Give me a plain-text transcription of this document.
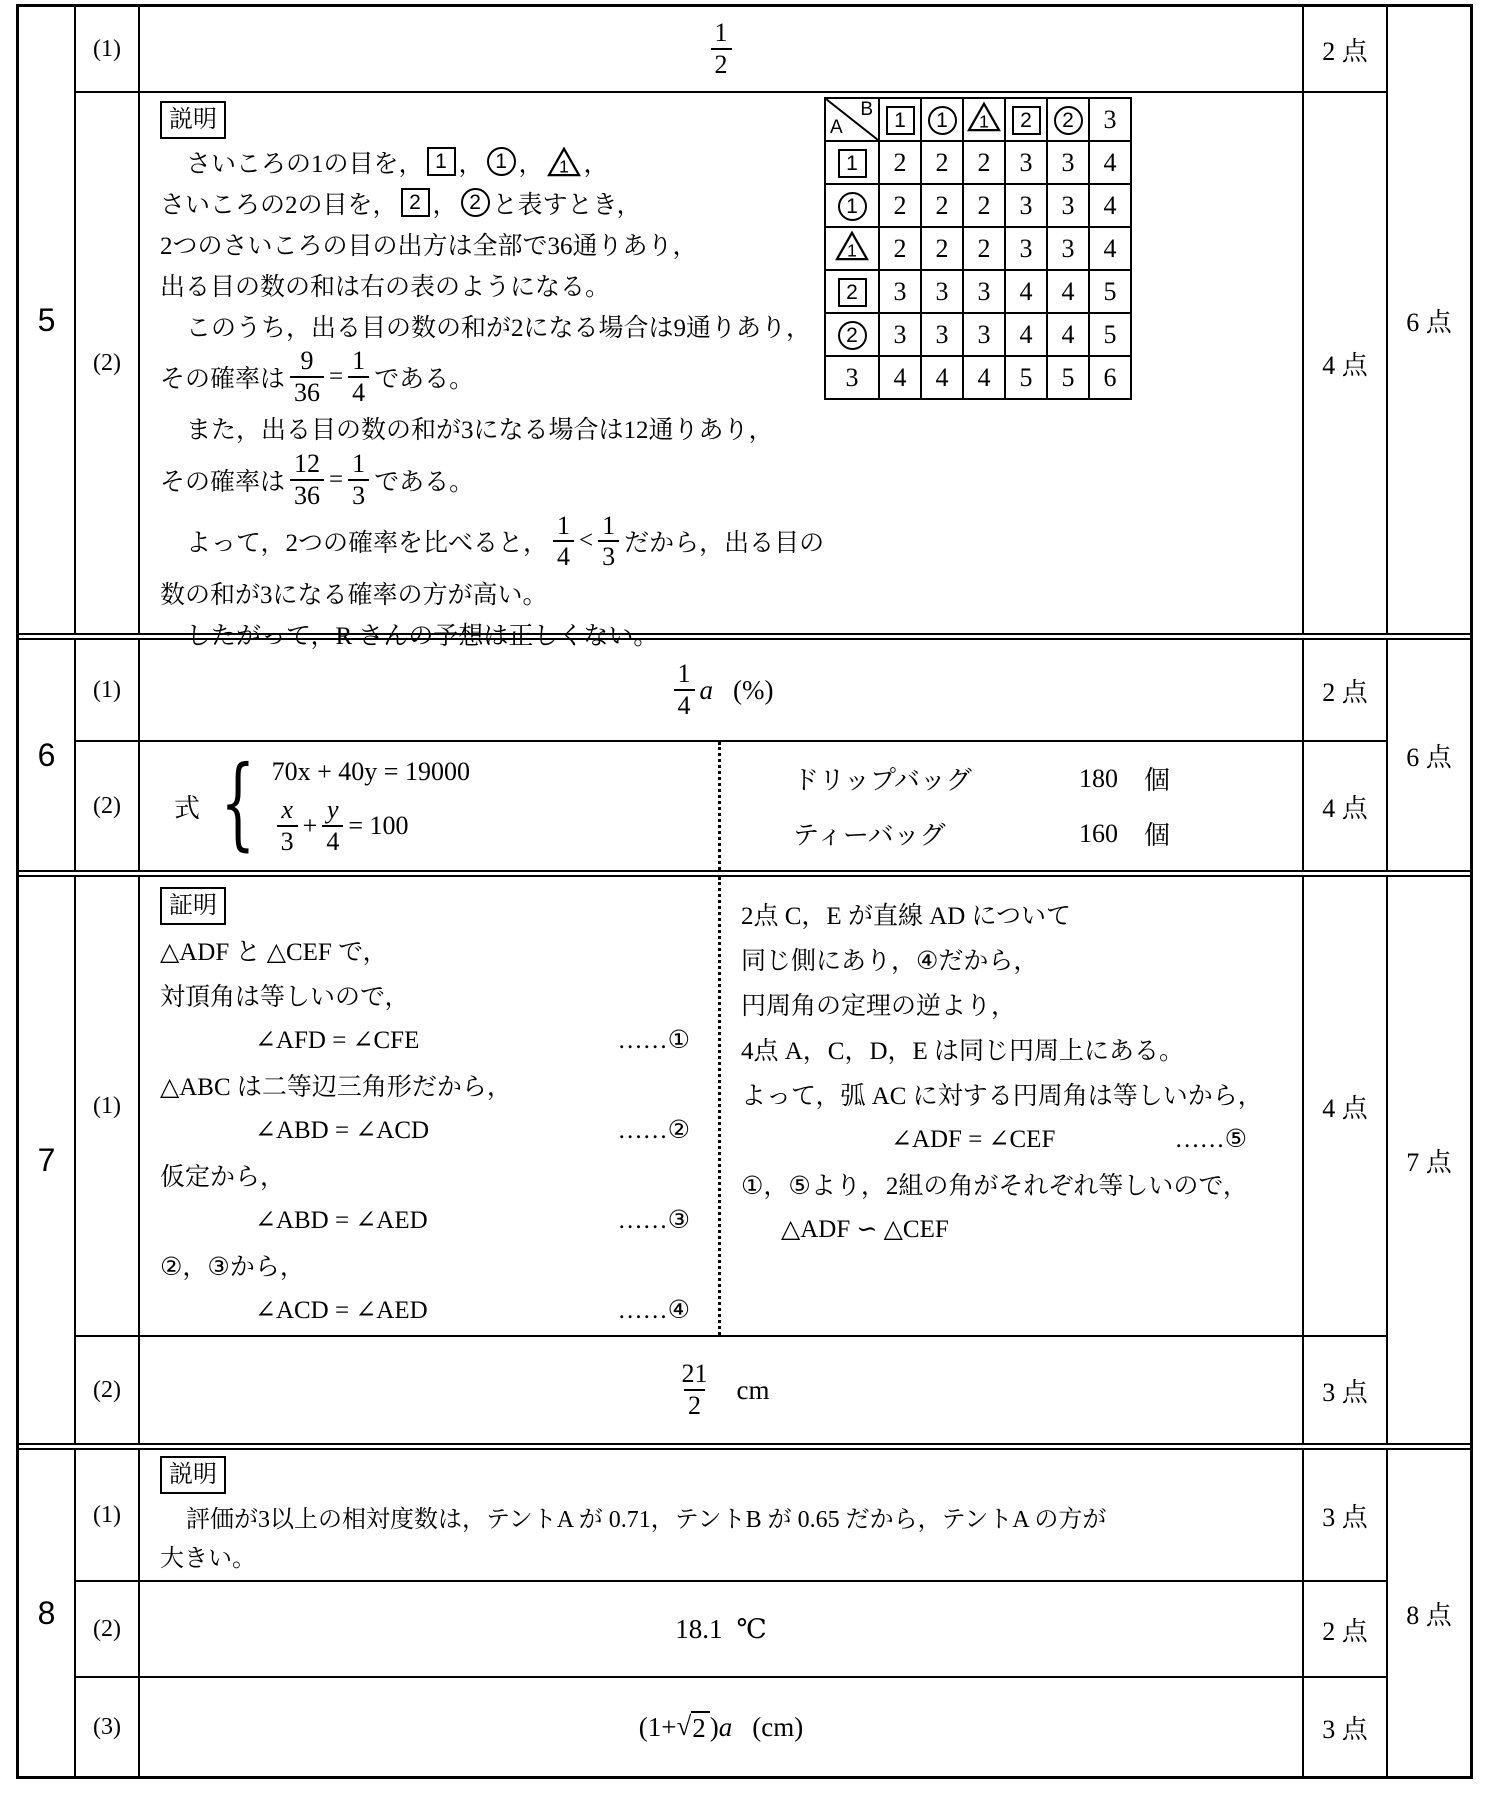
5
(1)	$\frac{1}{2}$	2 点
(2)
B
A	1	1	1	2	2	3
1	2	2	2	3	3	4
1	2	2	2	3	3	4

1	2	2	2	3	3	4
2	3	3	3	4	4	5
2	3	3	3	4	4	5
3	4	4	4	5	5	6
説明
さいころの1の目を， 1 ， 1 ， 1 ，
さいころの2の目を， 2 ， 2 と表すとき，
2つのさいころの目の出方は全部で36通りあり，
出る目の数の和は右の表のようになる。
このうち，出る目の数の和が2になる場合は9通りあり，
その確率は $\frac{9}{36} = \frac{1}{4}$ である。
また，出る目の数の和が3になる場合は12通りあり，
その確率は $\frac{12}{36} = \frac{1}{3}$ である。
よって，2つの確率を比べると， $\frac{1}{4} < \frac{1}{3}$ だから，出る目の
数の和が3になる確率の方が高い。
したがって，R さんの予想は正しくない。
4 点
6 点
6
(1)	$\frac{1}{4}$ a (%)	2 点
(2)	式 { 70x + 40y = 19000
$\frac{x}{3} + \frac{y}{4} = 100$
ドリップバッグ	180 個
ティーバッグ	160 個
4 点
6 点
7
(1)
証明
△ADF と △CEF で，
対頂角は等しいので，
∠AFD = ∠CFE	……①
△ABC は二等辺三角形だから，
∠ABD = ∠ACD	……②
仮定から，
∠ABD = ∠AED	……③
②，③から，
∠ACD = ∠AED	……④
2点 C，E が直線 AD について
同じ側にあり，④だから，
円周角の定理の逆より，
4点 A，C，D，E は同じ円周上にある。
よって，弧 AC に対する円周角は等しいから，
∠ADF = ∠CEF	……⑤
①，⑤より，2組の角がそれぞれ等しいので，
△ADF ∽ △CEF
4 点
(2)	$\frac{21}{2}$ cm	3 点
7 点
8
(1)
説明
評価が3以上の相対度数は，テントA が 0.71，テントB が 0.65 だから，テントA の方が
大きい。
3 点
(2)	18.1 ℃	2 点
(3)	(1+ √ 2 ) a (cm)	3 点
8 点
